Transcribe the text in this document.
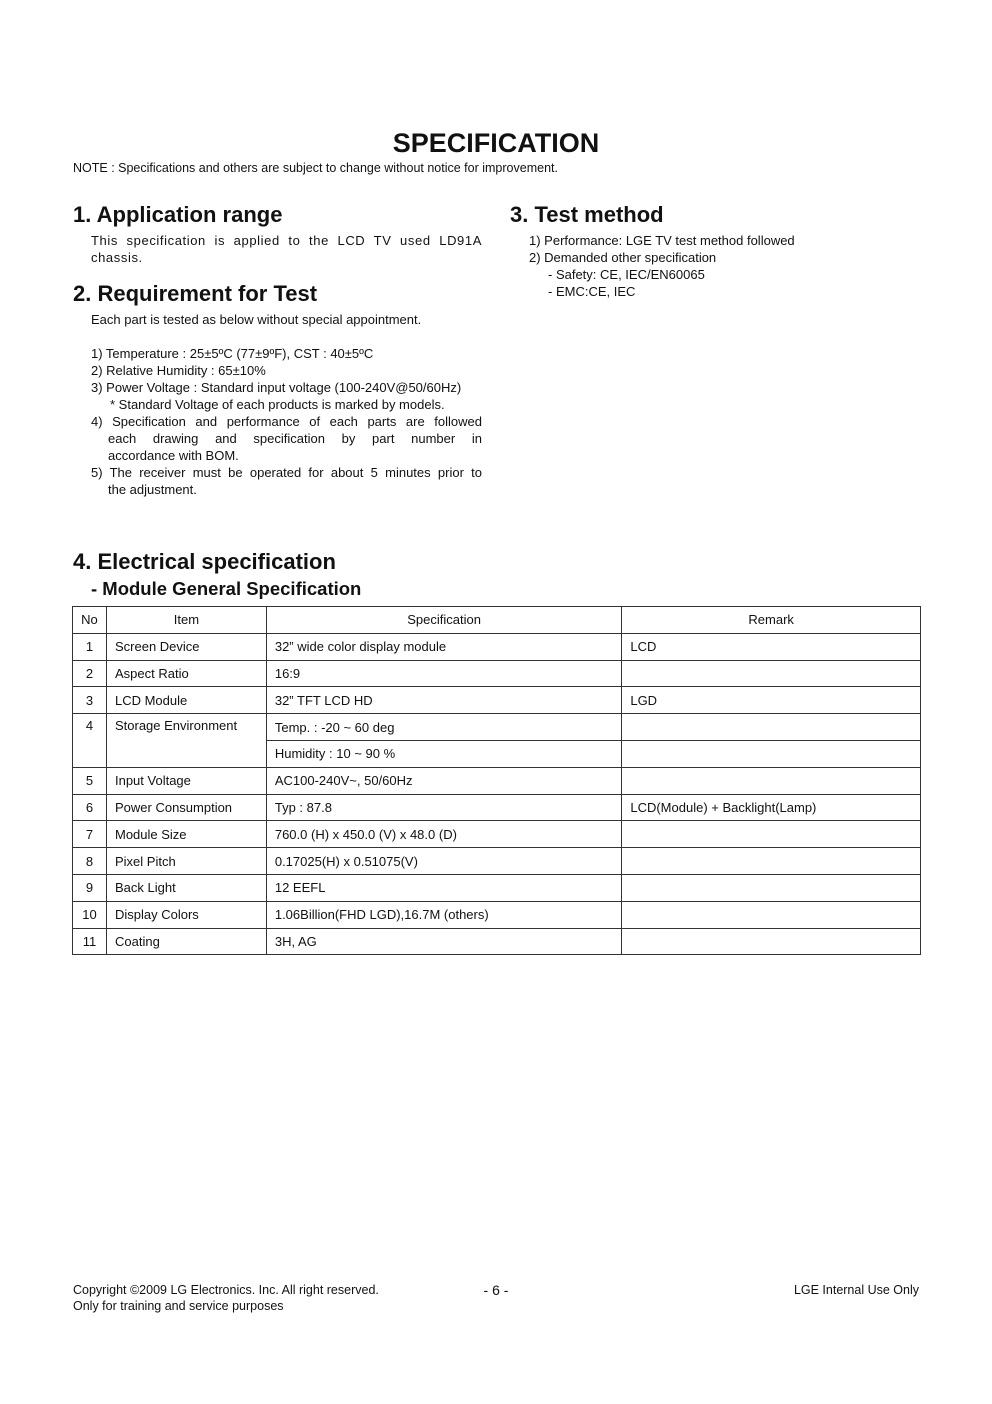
SPECIFICATION
NOTE : Specifications and others are subject to change without notice for improvement.
1. Application range
This specification is applied to the LCD TV used LD91A chassis.
2. Requirement for Test
Each part is tested as below without special appointment.
1) Temperature : 25±5ºC (77±9ºF), CST : 40±5ºC
2) Relative Humidity : 65±10%
3) Power Voltage : Standard input voltage (100-240V@50/60Hz)
* Standard Voltage of each products is marked by models.
4) Specification and performance of each parts are followed
each drawing and specification by part number in
accordance with BOM.
5) The receiver must be operated for about 5 minutes prior to
the adjustment.
3. Test method
1) Performance: LGE TV test method followed
2) Demanded other specification
- Safety: CE, IEC/EN60065
- EMC:CE, IEC
4. Electrical specification
- Module General Specification
No	Item	Specification	Remark
1	Screen Device	32” wide color display module	LCD
2	Aspect Ratio	16:9	
3	LCD Module	32” TFT LCD HD	LGD
4	Storage Environment	Temp. : -20 ~ 60 deg	
		Humidity : 10 ~ 90 %	
5	Input Voltage	AC100-240V~, 50/60Hz	
6	Power Consumption	Typ : 87.8	LCD(Module) + Backlight(Lamp)
7	Module Size	760.0 (H) x 450.0 (V) x 48.0 (D)	
8	Pixel Pitch	0.17025(H) x 0.51075(V)	
9	Back Light	12 EEFL	
10	Display Colors	1.06Billion(FHD LGD),16.7M (others)	
11	Coating	3H, AG	
Copyright ©2009 LG Electronics. Inc. All right reserved.
Only for training and service purposes
- 6 -	LGE Internal Use Only
